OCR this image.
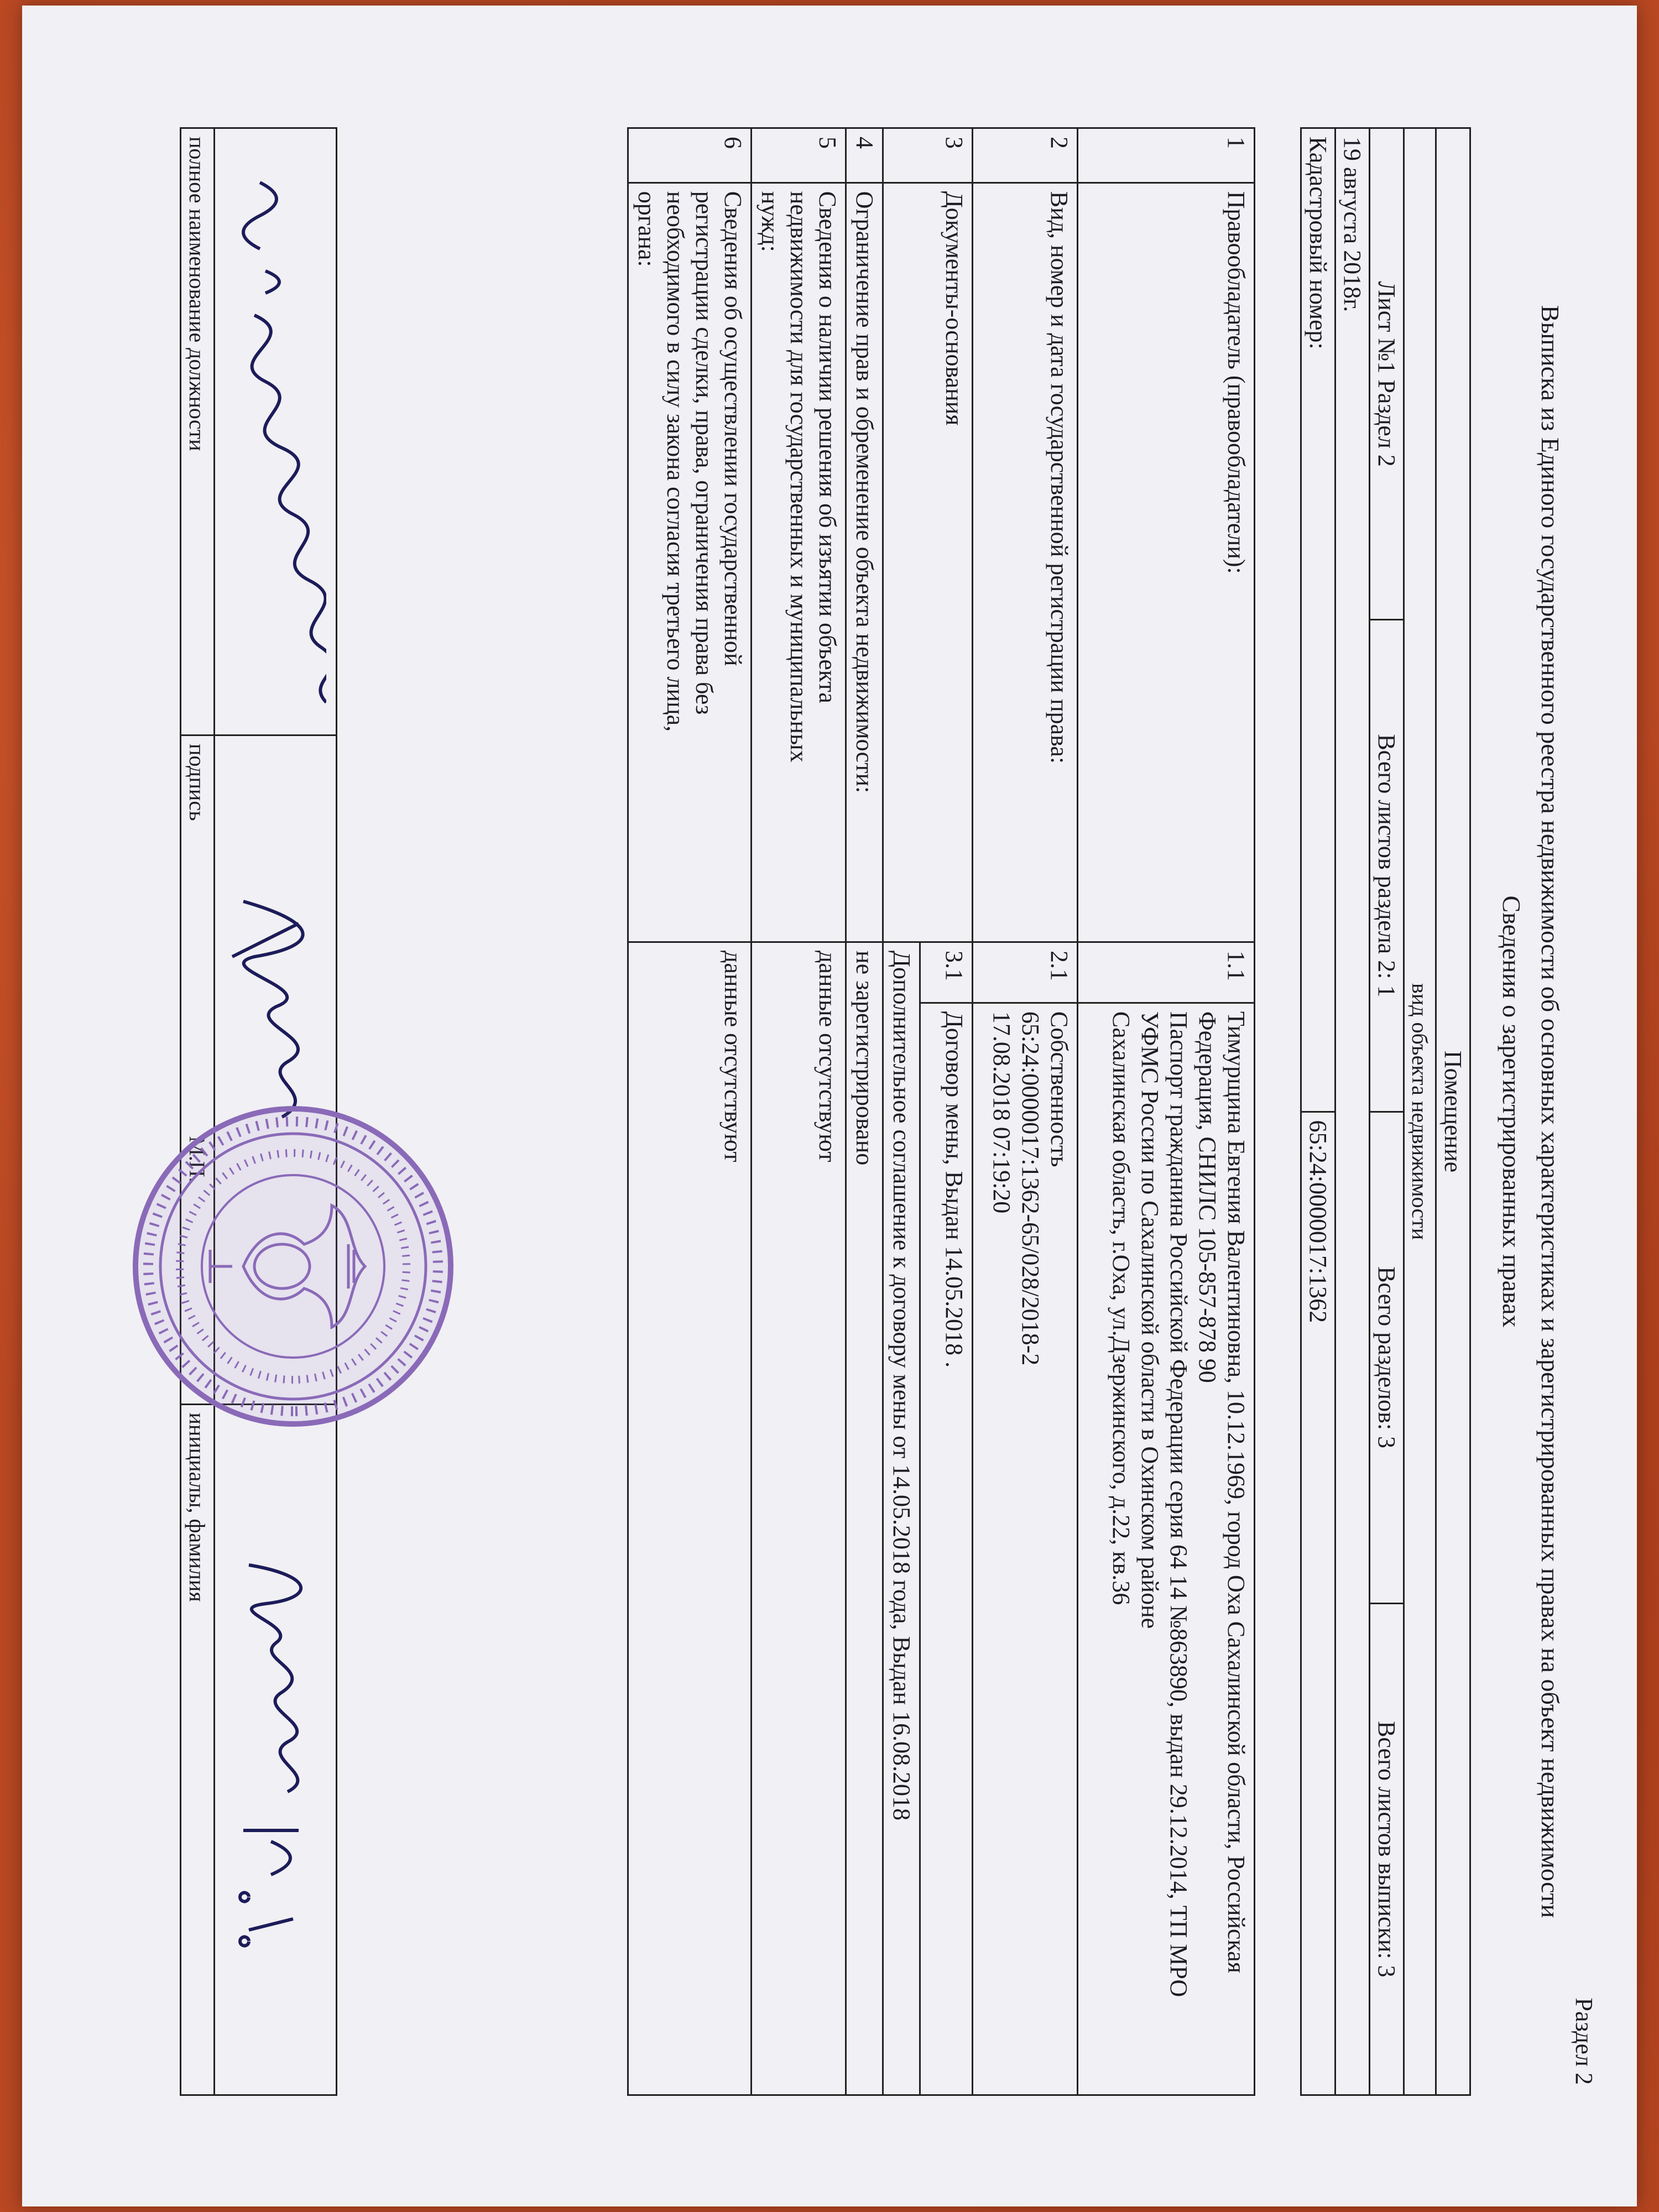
Раздел 2
Выписка из Единого государственного реестра недвижимости об основных характеристиках и зарегистрированных правах на объект недвижимости
Сведения о зарегистрированных правах
Помещение			
вид объекта недвижимости			
Лист №1 Раздел 2	Всего листов раздела 2: 1	Всего разделов: 3	Всего листов выписки: 3
19 августа 2018г.			
Кадастровый номер:		65:24:0000017:1362	
1	Правообладатель (правообладатели):	1.1	Тимурщина Евгения Валентиновна, 10.12.1969, город Оха Сахалинской области, Российская
Федерация, СНИЛС 105-857-878 90
Паспорт гражданина Российской Федерации серия 64 14 №863890, выдан 29.12.2014, ТП МРО
УФМС России по Сахалинской области в Охинском районе
Сахалинская область, г.Оха, ул.Дзержинского, д.22, кв.36

2	Вид, номер и дата государственной регистрации права:	2.1	Собственность
65:24:0000017:1362-65/028/2018-2
17.08.2018 07:19:20

3	Документы-основания	3.1	Договор мены, Выдан 14.05.2018 .

		Дополнительное соглашение к договору мены от 14.05.2018 года, Выдан 16.08.2018	
4	Ограничение прав и обременение объекта недвижимости:	не зарегистрировано	
5	Сведения о наличии решения об изъятии объекта
недвижимости для государственных и муниципальных
нужд:	данные отсутствуют	
6	Сведения об осуществлении государственной
регистрации сделки, права, ограничения права без
необходимого в силу закона согласия третьего лица,
органа:	данные отсутствуют	

полное наименование должности	подпись	инициалы, фамилия
